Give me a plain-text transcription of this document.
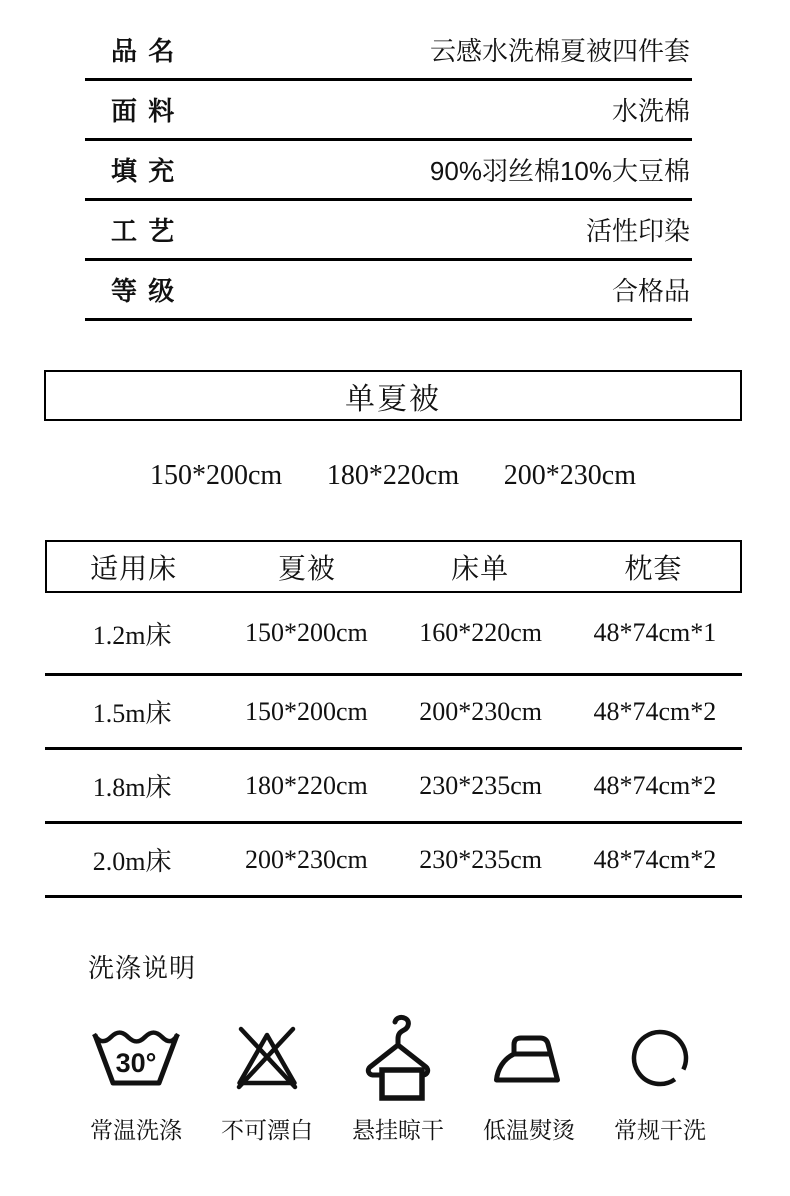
品 名	云感水洗棉夏被四件套
面 料	水洗棉
填 充	90%羽丝棉10%大豆棉
工 艺	活性印染
等 级	合格品
单夏被
150*200cm 180*220cm 200*230cm
适用床	夏被	床单	枕套
1.2m床	150*200cm	160*220cm	48*74cm*1
1.5m床	150*200cm	200*230cm	48*74cm*2
1.8m床	180*220cm	230*235cm	48*74cm*2
2.0m床	200*230cm	230*235cm	48*74cm*2
洗涤说明
30°
常温洗涤 不可漂白 悬挂晾干 低温熨烫 常规干洗
